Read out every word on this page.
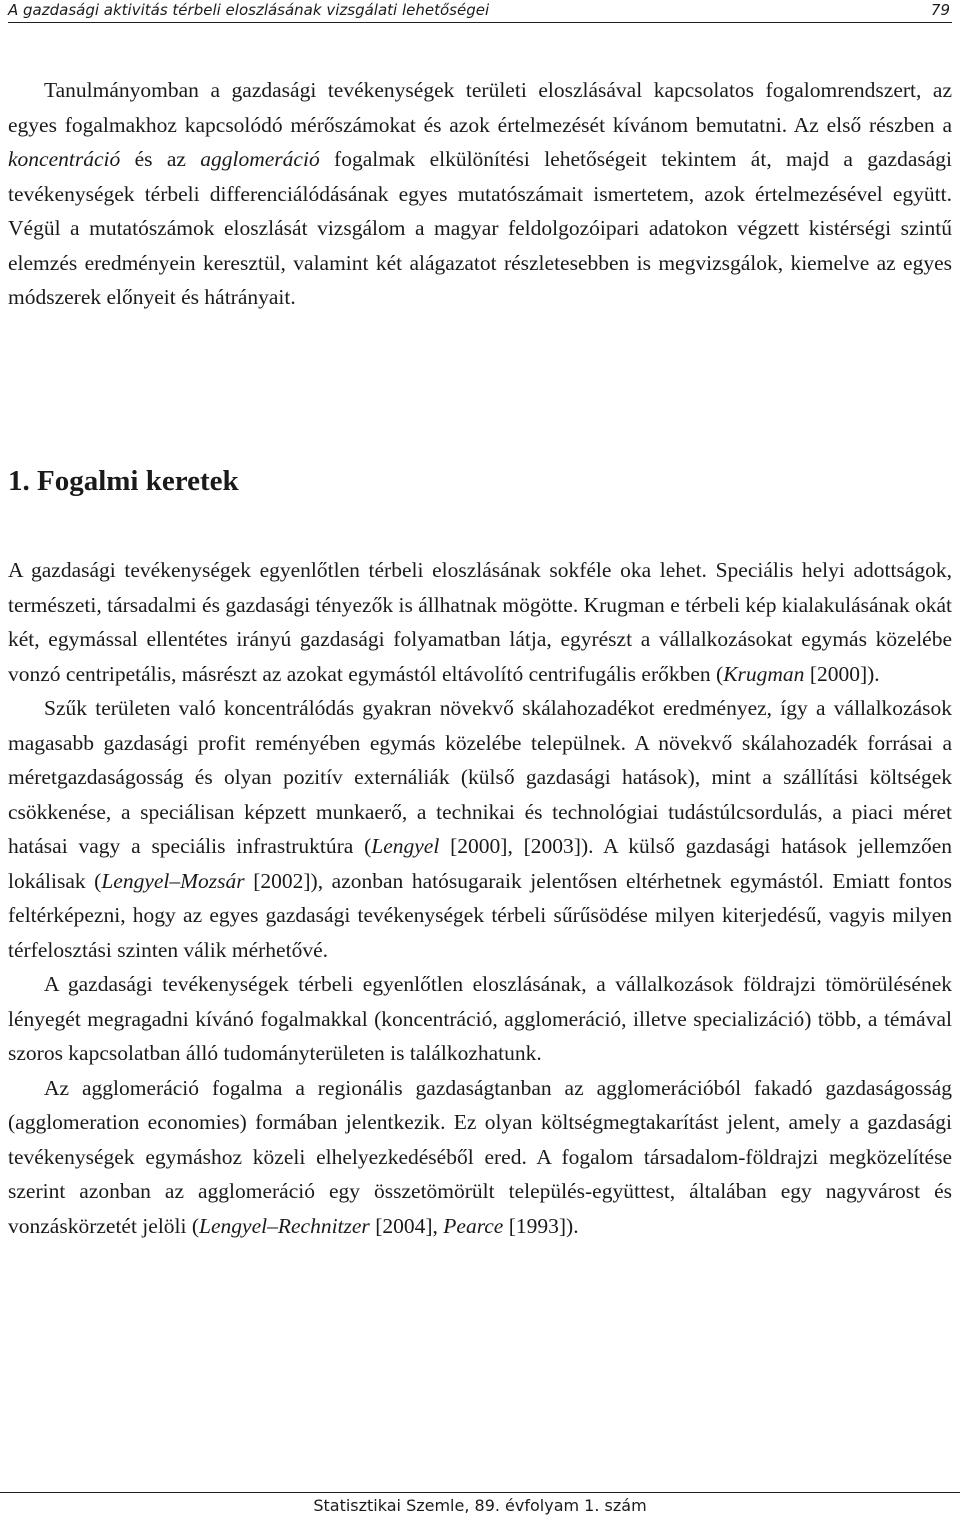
A gazdasági aktivitás térbeli eloszlásának vizsgálati lehetőségei	79

Tanulmányomban a gazdasági tevékenységek területi eloszlásával kapcsolatos fogalomrendszert, az egyes fogalmakhoz kapcsolódó mérőszámokat és azok értelmezését kívánom bemutatni. Az első részben a koncentráció és az agglomeráció fogalmak elkülönítési lehetőségeit tekintem át, majd a gazdasági tevékenységek térbeli differenciálódásának egyes mutatószámait ismertetem, azok értelmezésével együtt. Végül a mutatószámok eloszlását vizsgálom a magyar feldolgozóipari adatokon végzett kistérségi szintű elemzés eredményein keresztül, valamint két alágazatot részletesebben is megvizsgálok, kiemelve az egyes módszerek előnyeit és hátrányait.

1. Fogalmi keretek

A gazdasági tevékenységek egyenlőtlen térbeli eloszlásának sokféle oka lehet. Speciális helyi adottságok, természeti, társadalmi és gazdasági tényezők is állhatnak mögötte. Krugman e térbeli kép kialakulásának okát két, egymással ellentétes irányú gazdasági folyamatban látja, egyrészt a vállalkozásokat egymás közelébe vonzó centripetális, másrészt az azokat egymástól eltávolító centrifugális erőkben (Krugman [2000]).

Szűk területen való koncentrálódás gyakran növekvő skálahozadékot eredményez, így a vállalkozások magasabb gazdasági profit reményében egymás közelébe települnek. A növekvő skálahozadék forrásai a méretgazdaságosság és olyan pozitív externáliák (külső gazdasági hatások), mint a szállítási költségek csökkenése, a speciálisan képzett munkaerő, a technikai és technológiai tudástúlcsordulás, a piaci méret hatásai vagy a speciális infrastruktúra (Lengyel [2000], [2003]). A külső gazdasági hatások jellemzően lokálisak (Lengyel–Mozsár [2002]), azonban hatósugaraik jelentősen eltérhetnek egymástól. Emiatt fontos feltérképezni, hogy az egyes gazdasági tevékenységek térbeli sűrűsödése milyen kiterjedésű, vagyis milyen térfelosztási szinten válik mérhetővé.

A gazdasági tevékenységek térbeli egyenlőtlen eloszlásának, a vállalkozások földrajzi tömörülésének lényegét megragadni kívánó fogalmakkal (koncentráció, agglomeráció, illetve specializáció) több, a témával szoros kapcsolatban álló tudományterületen is találkozhatunk.

Az agglomeráció fogalma a regionális gazdaságtanban az agglomerációból fakadó gazdaságosság (agglomeration economies) formában jelentkezik. Ez olyan költségmegtakarítást jelent, amely a gazdasági tevékenységek egymáshoz közeli elhelyezkedéséből ered. A fogalom társadalom-földrajzi megközelítése szerint azonban az agglomeráció egy összetömörült település-együttest, általában egy nagyvárost és vonzáskörzetét jelöli (Lengyel–Rechnitzer [2004], Pearce [1993]).

Statisztikai Szemle, 89. évfolyam 1. szám
